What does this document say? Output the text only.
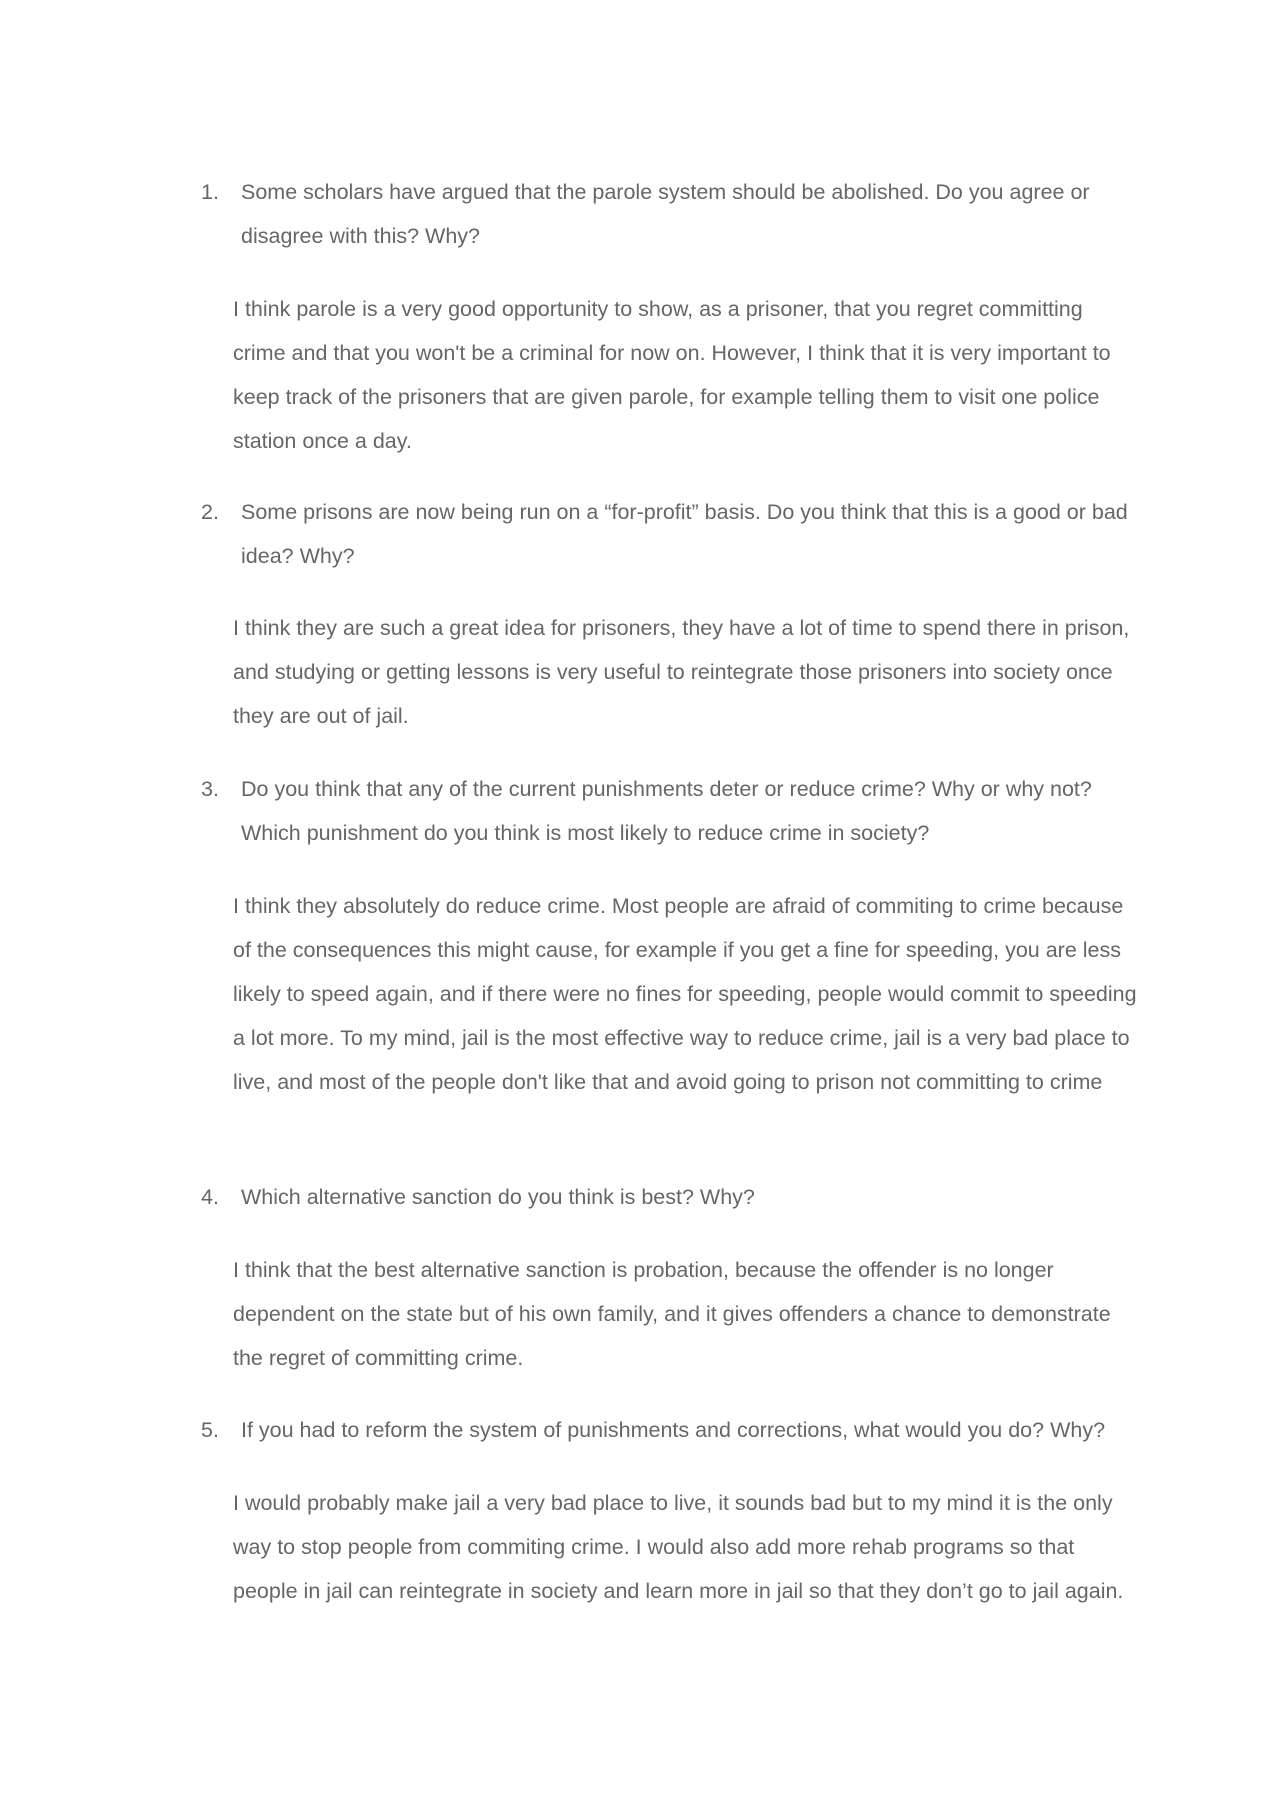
1. Some scholars have argued that the parole system should be abolished. Do you agree or disagree with this? Why?

I think parole is a very good opportunity to show, as a prisoner, that you regret committing crime and that you won't be a criminal for now on. However, I think that it is very important to keep track of the prisoners that are given parole, for example telling them to visit one police station once a day.

2. Some prisons are now being run on a “for-profit” basis. Do you think that this is a good or bad idea? Why?

I think they are such a great idea for prisoners, they have a lot of time to spend there in prison, and studying or getting lessons is very useful to reintegrate those prisoners into society once they are out of jail.

3. Do you think that any of the current punishments deter or reduce crime? Why or why not? Which punishment do you think is most likely to reduce crime in society?

I think they absolutely do reduce crime. Most people are afraid of commiting to crime because of the consequences this might cause, for example if you get a fine for speeding, you are less likely to speed again, and if there were no fines for speeding, people would commit to speeding a lot more. To my mind, jail is the most effective way to reduce crime, jail is a very bad place to live, and most of the people don't like that and avoid going to prison not committing to crime

4. Which alternative sanction do you think is best? Why?

I think that the best alternative sanction is probation, because the offender is no longer dependent on the state but of his own family, and it gives offenders a chance to demonstrate the regret of committing crime.

5. If you had to reform the system of punishments and corrections, what would you do? Why?

I would probably make jail a very bad place to live, it sounds bad but to my mind it is the only way to stop people from commiting crime. I would also add more rehab programs so that people in jail can reintegrate in society and learn more in jail so that they don’t go to jail again.
